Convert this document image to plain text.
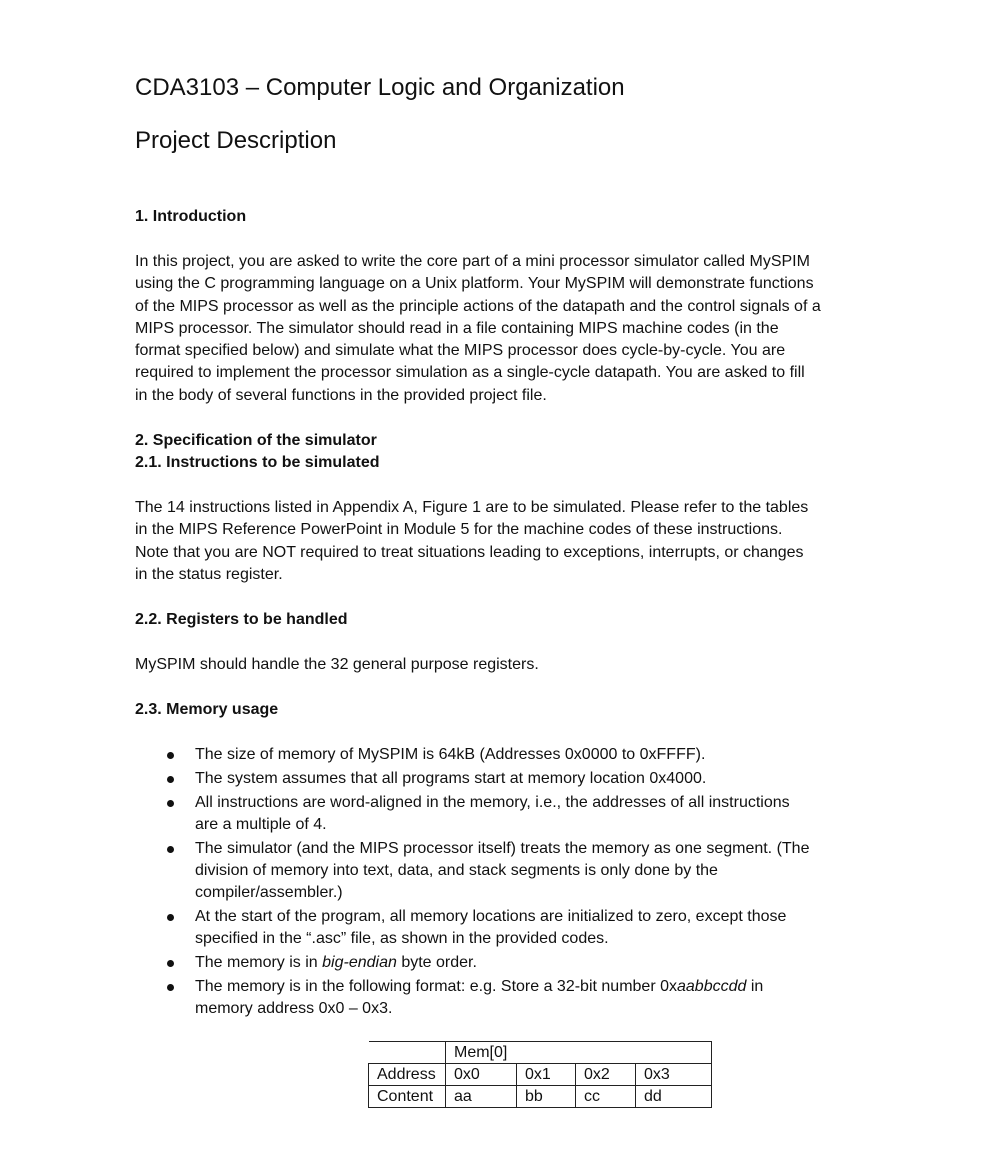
CDA3103 – Computer Logic and Organization
Project Description
1. Introduction
In this project, you are asked to write the core part of a mini processor simulator called MySPIM
using the C programming language on a Unix platform. Your MySPIM will demonstrate functions
of the MIPS processor as well as the principle actions of the datapath and the control signals of a
MIPS processor. The simulator should read in a file containing MIPS machine codes (in the
format specified below) and simulate what the MIPS processor does cycle-by-cycle. You are
required to implement the processor simulation as a single-cycle datapath. You are asked to fill
in the body of several functions in the provided project file.
2. Specification of the simulator
2.1. Instructions to be simulated
The 14 instructions listed in Appendix A, Figure 1 are to be simulated. Please refer to the tables
in the MIPS Reference PowerPoint in Module 5 for the machine codes of these instructions.
Note that you are NOT required to treat situations leading to exceptions, interrupts, or changes
in the status register.
2.2. Registers to be handled
MySPIM should handle the 32 general purpose registers.
2.3. Memory usage
The size of memory of MySPIM is 64kB (Addresses 0x0000 to 0xFFFF).
The system assumes that all programs start at memory location 0x4000.
All instructions are word-aligned in the memory, i.e., the addresses of all instructions
are a multiple of 4.
The simulator (and the MIPS processor itself) treats the memory as one segment. (The
division of memory into text, data, and stack segments is only done by the
compiler/assembler.)
At the start of the program, all memory locations are initialized to zero, except those
specified in the “.asc” file, as shown in the provided codes.
The memory is in big-endian byte order.
The memory is in the following format: e.g. Store a 32-bit number 0xaabbccdd in
memory address 0x0 – 0x3.
	Mem[0]			
Address	0x0	0x1	0x2	0x3
Content	aa	bb	cc	dd
